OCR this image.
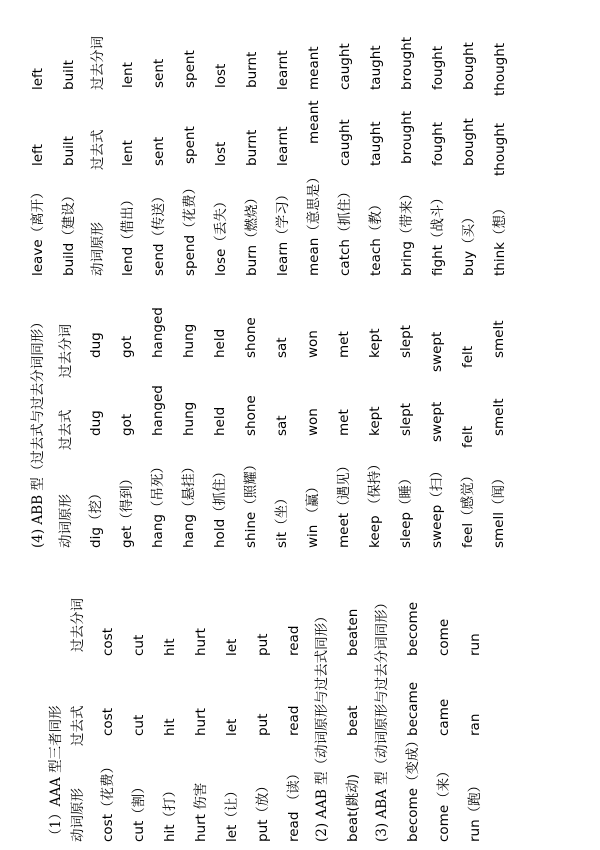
（1）AAA 型三者同形 动词原形
过去式
过去分词
cost（花费）
cost
cost
cut（割）
cut
cut
hit（打）
hit
hit
hurt 伤害
hurt
hurt
let（让）
let
let
put（放）
put
put
read （读）
read
read (2) AAB 型（动词原形与过去式同形） beat(跳动)
beat
beaten (3) ABA 型（动词原形与过去分词同形） become（变成）
became
become
come（来）
came
come
run（跑）
ran
run
(4) ABB 型（过去式与过去分词同形） 动词原形
过去式
过去分词
dig（挖）
dug
dug
get（得到）
got
got
hang（吊死）
hanged
hanged
hang（悬挂）
hung
hung
hold（抓住）
held
held
shine（照耀）
shone
shone
sit（坐）
sat
sat
win （赢）
won
won
meet（遇见）
met
met
keep （保持）
kept
kept
sleep（睡）
slept
slept
sweep（扫）
swept
swept
feel（感觉）
felt
felt
smell（闻）
smelt
smelt
leave（离开）
left
left
build（建设）
built
built
动词原形
过去式
过去分词
lend（借出）
lent
lent
send（传送）
sent
sent
spend（花费）
spent
spent
lose（丢失）
lost
lost
burn（燃烧）
burnt
burnt
learn（学习）
learnt
learnt
mean（意思是）
meant
meant
catch（抓住）
caught
caught
teach（教）
taught
taught
bring（带来）
brought
brought
fight（战斗）
fought
fought
buy（买）
bought
bought
think（想）
thought
thought
